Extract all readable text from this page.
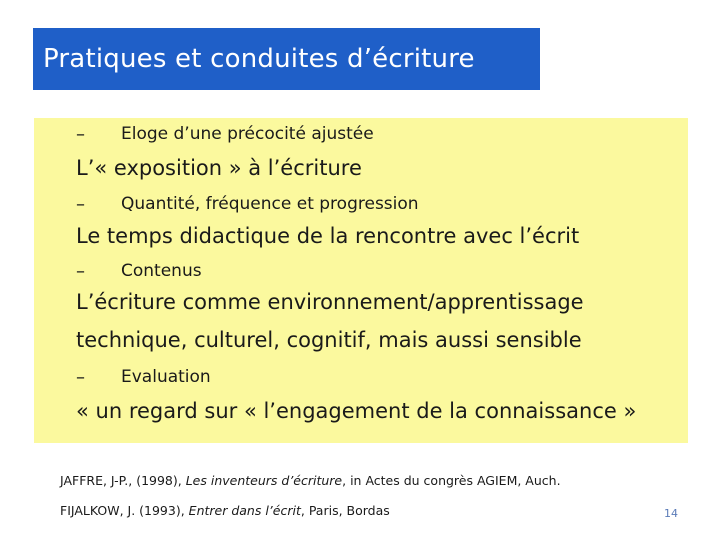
Pratiques et conduites d’écriture
– Eloge d’une précocité ajustée
L’« exposition » à l’écriture
– Quantité, fréquence et progression
Le temps didactique de la rencontre avec l’écrit
– Contenus
L’écriture comme environnement/apprentissage
technique, culturel, cognitif, mais aussi sensible
– Evaluation
« un regard sur « l’engagement de la connaissance »
JAFFRE, J-P., (1998), Les inventeurs d’écriture, in Actes du congrès AGIEM, Auch.
FIJALKOW, J. (1993), Entrer dans l’écrit, Paris, Bordas	14
